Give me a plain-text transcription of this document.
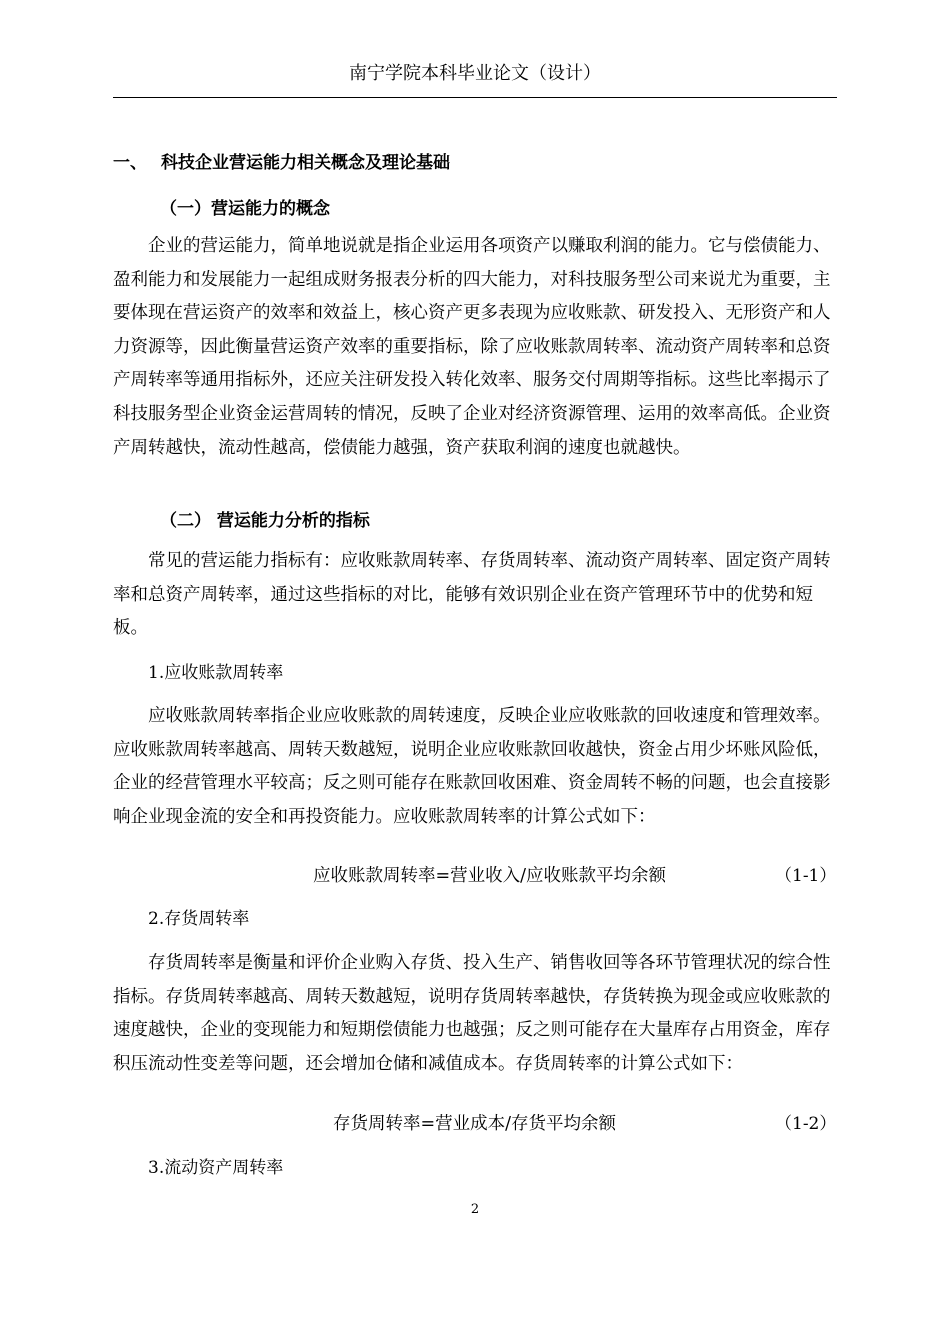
南宁学院本科毕业论文（设计）
一、 科技企业营运能力相关概念及理论基础
（一）营运能力的概念

企业的营运能力，简单地说就是指企业运用各项资产以赚取利润的能力。它与偿债能力、盈利能力和发展能力一起组成财务报表分析的四大能力，对科技服务型公司来说尤为重要，主要体现在营运资产的效率和效益上，核心资产更多表现为应收账款、研发投入、无形资产和人力资源等，因此衡量营运资产效率的重要指标，除了应收账款周转率、流动资产周转率和总资产周转率等通用指标外，还应关注研发投入转化效率、服务交付周期等指标。这些比率揭示了科技服务型企业资金运营周转的情况，反映了企业对经济资源管理、运用的效率高低。企业资产周转越快，流动性越高，偿债能力越强，资产获取利润的速度也就越快。

（二） 营运能力分析的指标

常见的营运能力指标有：应收账款周转率、存货周转率、流动资产周转率、固定资产周转率和总资产周转率，通过这些指标的对比，能够有效识别企业在资产管理环节中的优势和短板。

1.应收账款周转率

应收账款周转率指企业应收账款的周转速度，反映企业应收账款的回收速度和管理效率。应收账款周转率越高、周转天数越短，说明企业应收账款回收越快，资金占用少坏账风险低，企业的经营管理水平较高；反之则可能存在账款回收困难、资金周转不畅的问题，也会直接影响企业现金流的安全和再投资能力。应收账款周转率的计算公式如下：

应收账款周转率=营业收入/应收账款平均余额	（1-1）
2.存货周转率

存货周转率是衡量和评价企业购入存货、投入生产、销售收回等各环节管理状况的综合性指标。存货周转率越高、周转天数越短，说明存货周转率越快，存货转换为现金或应收账款的速度越快，企业的变现能力和短期偿债能力也越强；反之则可能存在大量库存占用资金，库存积压流动性变差等问题，还会增加仓储和减值成本。存货周转率的计算公式如下：

存货周转率=营业成本/存货平均余额	（1-2）
3.流动资产周转率
2
